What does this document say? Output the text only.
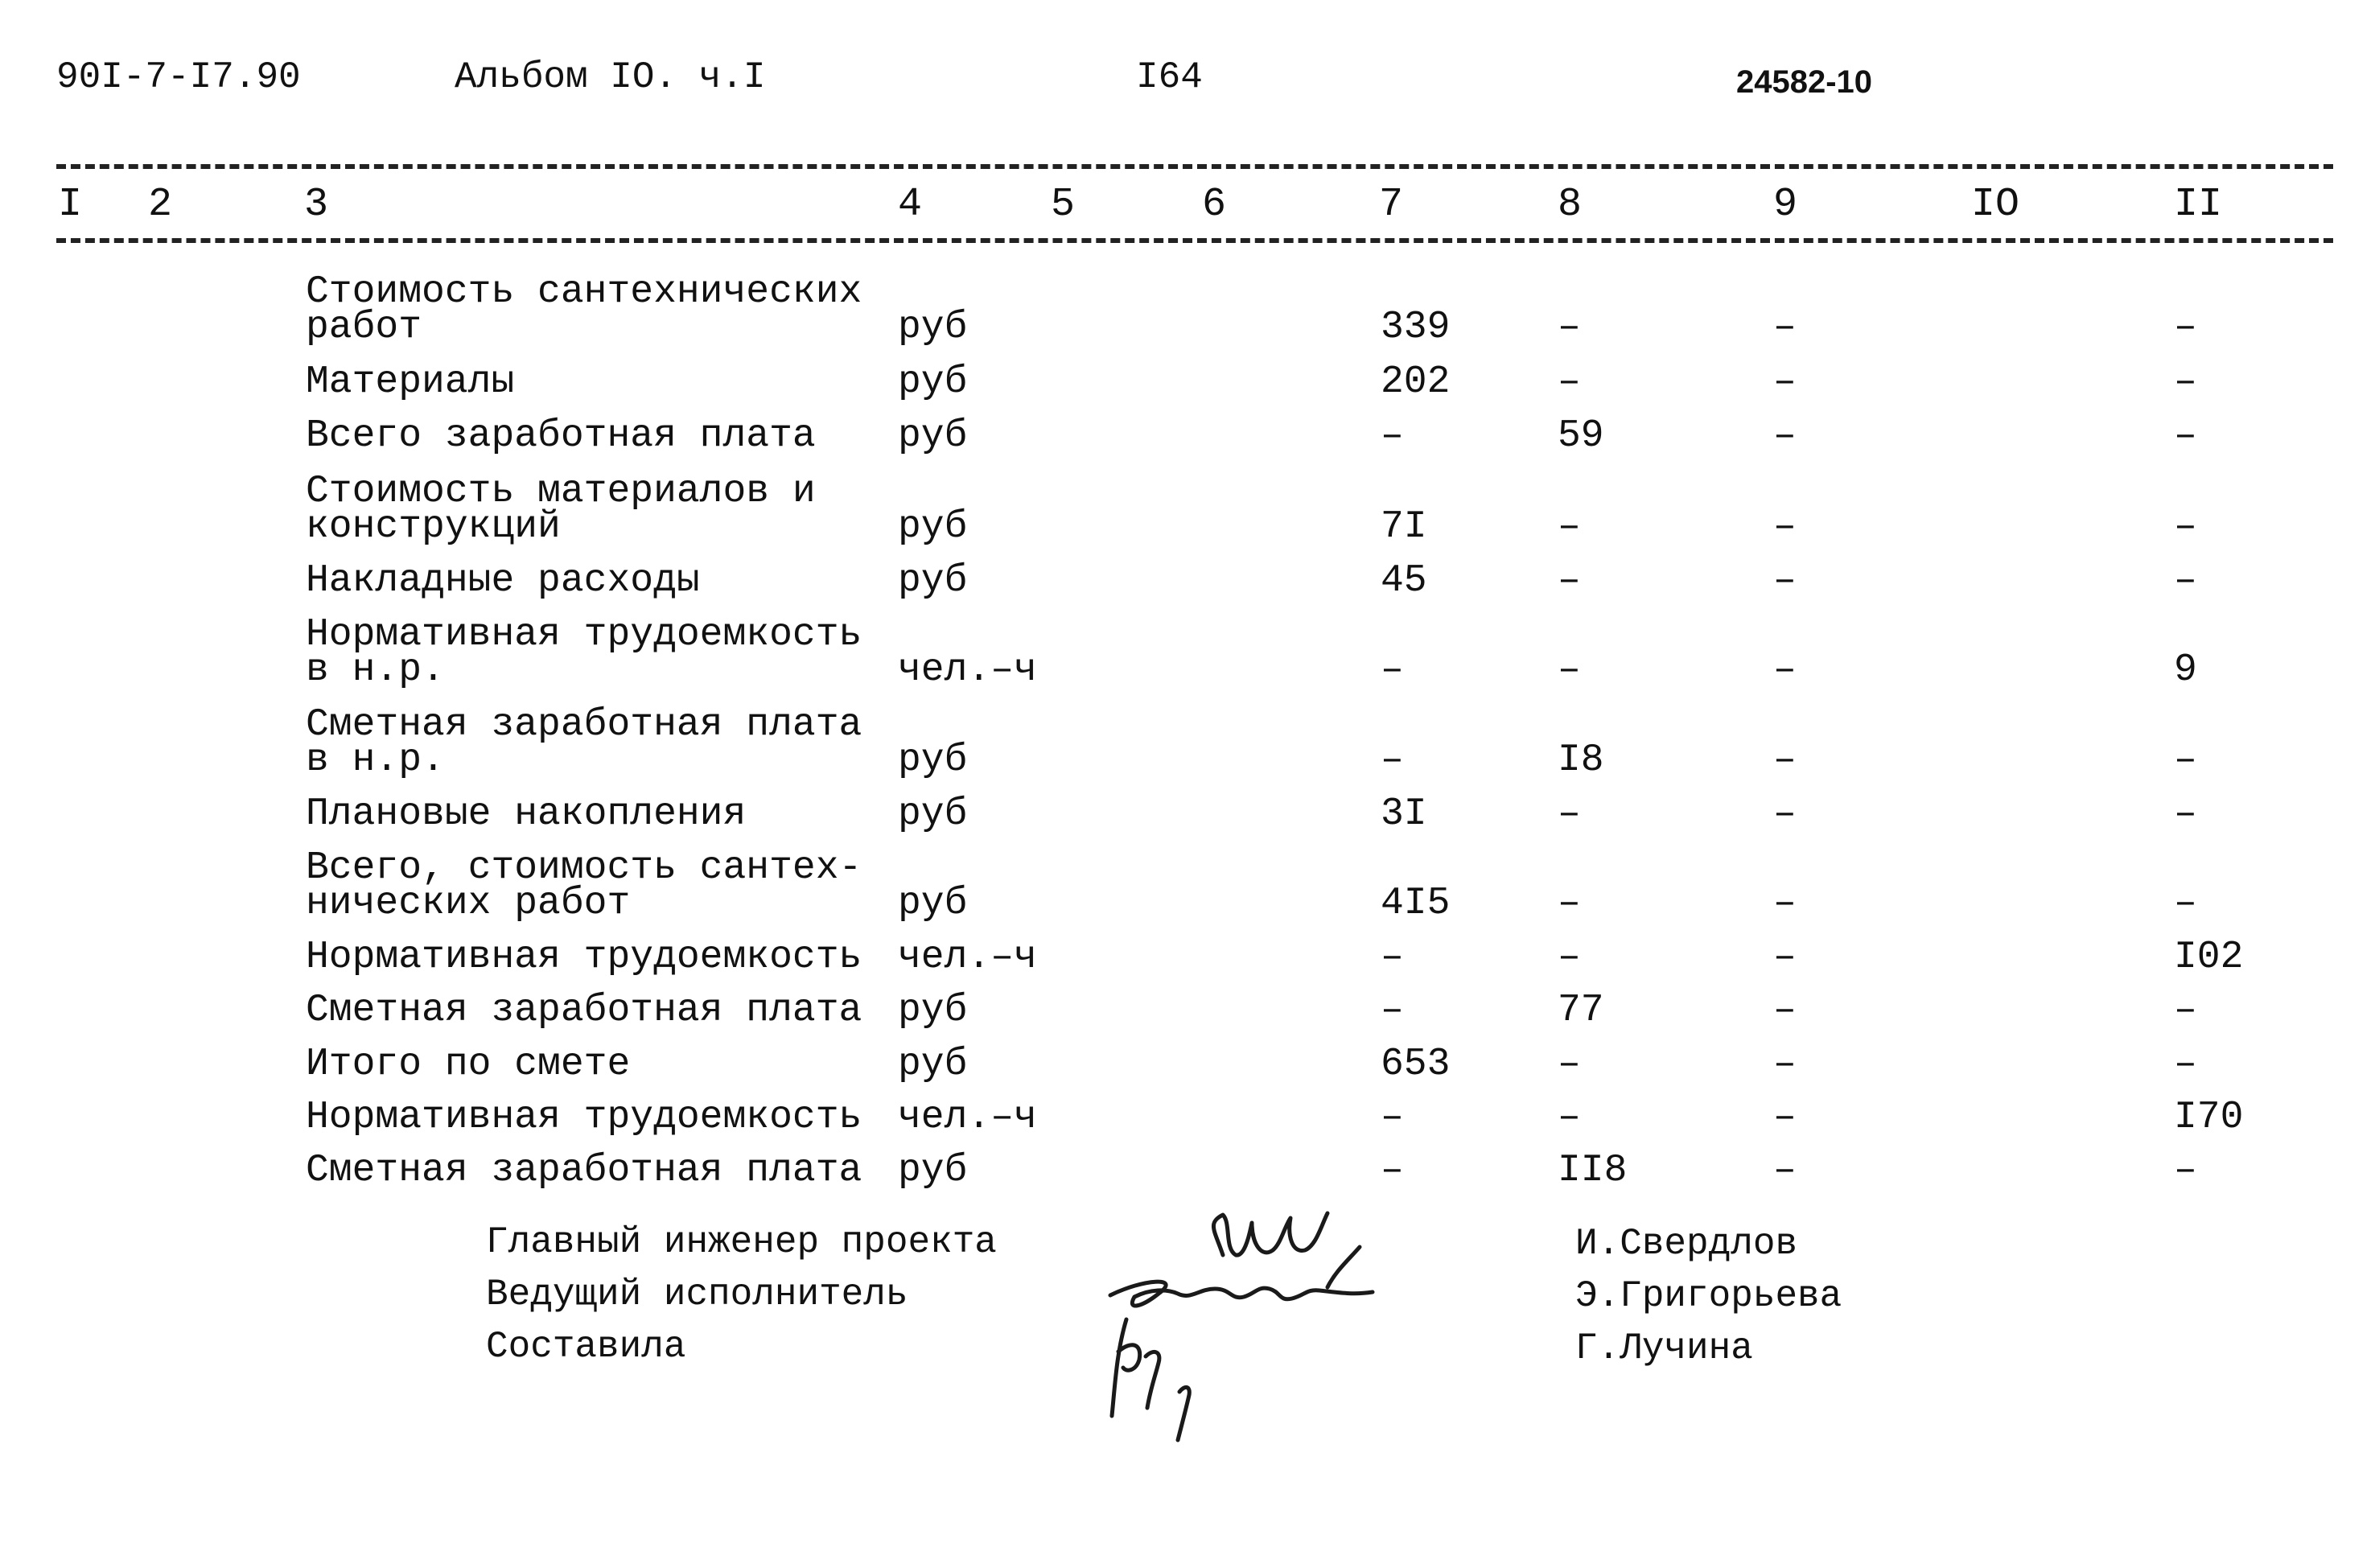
90I-7-I7.90	Альбом IO. ч.I	I64	24582-10
I 2	3	4	5	6	7	8	9	IO	II
Стоимость сантехнических
работ	руб	339	–	–	–
Материалы	руб	202	–	–	–
Всего заработная плата руб	–	59	–	–
Стоимость материалов и
конструкций	руб	7I	–	–	–
Накладные расходы	руб	45	–	–	–
Нормативная трудоемкость
в н.р.	чел.–ч	–	–	–	9
Сметная заработная плата
в н.р.	руб	–	I8	–	–
Плановые накопления	руб	3I	–	–	–
Всего, стоимость сантех-
нических работ	руб	4I5	–	–	–
Нормативная трудоемкость чел.–ч	–	–	–	I02
Сметная заработная плата руб	–	77	–	–
Итого по смете	руб	653	–	–	–
Нормативная трудоемкость чел.–ч	–	–	–	I70
Сметная заработная плата руб	–	II8	–	–
Главный инженер проекта
Ведущий исполнитель
Составила
И.Свердлов
Э.Григорьева
Г.Лучина
